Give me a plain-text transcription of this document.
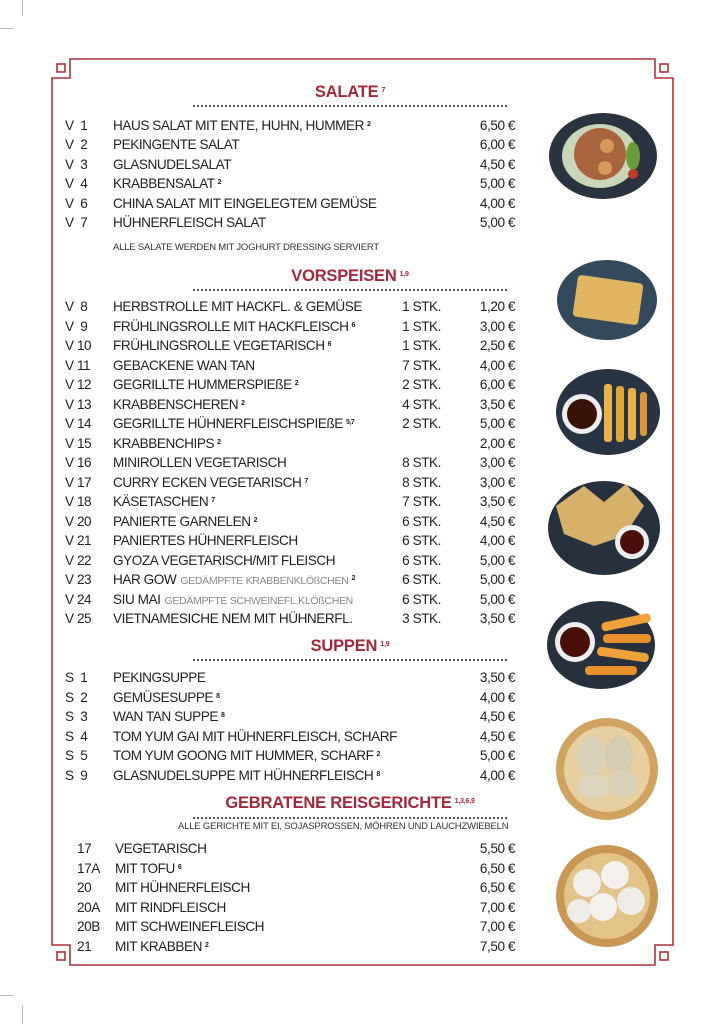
SALATE $^7$
ALLE SALATE WERDEN MIT JOGHURT DRESSING SERVIERT
V  1 HAUS SALAT MIT ENTE, HUHN, HUMMER $^2$	6,50 €
V  2 PEKINGENTE SALAT	6,00 €
V  3 GLASNUDELSALAT	4,50 €
V  4 KRABBENSALAT $^2$	5,00 €
V  6 CHINA SALAT MIT EINGELEGTEM GEMÜSE	4,00 €
V  7 HÜHNERFLEISCH SALAT	5,00 €
VORSPEISEN $^{1,9}$
V  8 HERBSTROLLE MIT HACKFL. & GEMÜSE	1 STK.	1,20 €
V  9 FRÜHLINGSROLLE MIT HACKFLEISCH $^6$	1 STK.	3,00 €
V 10 FRÜHLINGSROLLE VEGETARISCH $^6$	1 STK.	2,50 €
V 11 GEBACKENE WAN TAN	7 STK.	4,00 €
V 12 GEGRILLTE HUMMERSPIEßE $^2$	2 STK.	6,00 €
V 13 KRABBENSCHEREN $^2$	4 STK.	3,50 €
V 14 GEGRILLTE HÜHNERFLEISCHSPIEßE $^{5,7}$	2 STK.	5,00 €
V 15 KRABBENCHIPS $^2$	2,00 €
V 16 MINIROLLEN VEGETARISCH	8 STK.	3,00 €
V 17 CURRY ECKEN VEGETARISCH $^7$	8 STK.	3,00 €
V 18 KÄSETASCHEN $^7$	7 STK.	3,50 €
V 20 PANIERTE GARNELEN $^2$	6 STK.	4,50 €
V 21 PANIERTES HÜHNERFLEISCH	6 STK.	4,00 €
V 22 GYOZA VEGETARISCH/MIT FLEISCH	6 STK.	5,00 €
V 23 HAR GOW GEDÄMPFTE KRABBENKLÖßCHEN $^2$	6 STK.	5,00 €
V 24 SIU MAI GEDÄMPFTE SCHWEINEFL.KLÖßCHEN	6 STK.	5,00 €
V 25 VIETNAMESICHE NEM MIT HÜHNERFL.	3 STK.	3,50 €
SUPPEN $^{1,9}$
S  1 PEKINGSUPPE	3,50 €
S  2 GEMÜSESUPPE $^8$	4,00 €
S  3 WAN TAN SUPPE $^8$	4,50 €
S  4 TOM YUM GAI MIT HÜHNERFLEISCH, SCHARF	4,50 €
S  5 TOM YUM GOONG MIT HUMMER, SCHARF $^2$	5,00 €
S  9 GLASNUDELSUPPE MIT HÜHNERFLEISCH $^8$	4,00 €
GEBRATENE REISGERICHTE $^{1,3,6,9}$
ALLE GERICHTE MIT EI, SOJASPROSSEN, MÖHREN UND LAUCHZWIEBELN
17 VEGETARISCH	5,50 €
17A MIT TOFU $^6$	6,50 €
20 MIT HÜHNERFLEISCH	6,50 €
20A MIT RINDFLEISCH	7,00 €
20B MIT SCHWEINEFLEISCH	7,00 €
21 MIT KRABBEN $^2$	7,50 €
